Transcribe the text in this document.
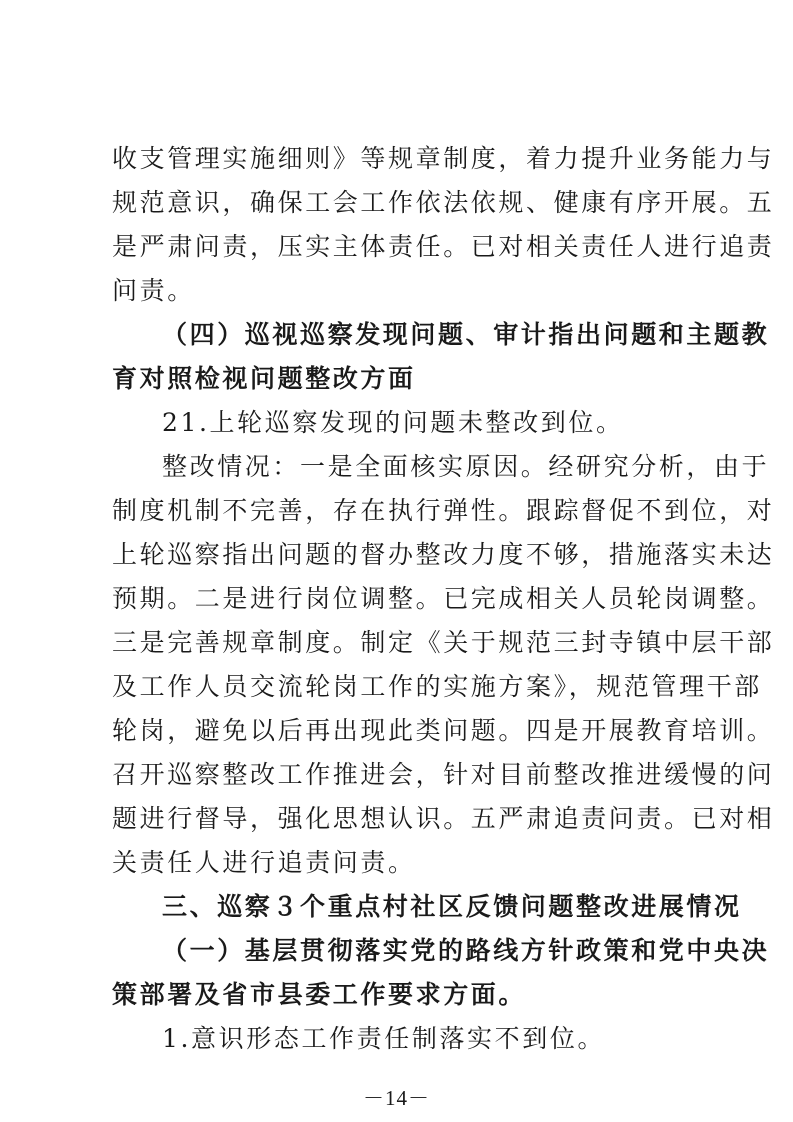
收支管理实施细则》等规章制度，着力提升业务能力与
规范意识，确保工会工作依法依规、健康有序开展。五
是严肃问责，压实主体责任。已对相关责任人进行追责
问责。
（四）巡视巡察发现问题、审计指出问题和主题教
育对照检视问题整改方面
21.上轮巡察发现的问题未整改到位。
整改情况：一是全面核实原因。经研究分析，由于
制度机制不完善，存在执行弹性。跟踪督促不到位，对
上轮巡察指出问题的督办整改力度不够，措施落实未达
预期。二是进行岗位调整。已完成相关人员轮岗调整。
三是完善规章制度。制定《关于规范三封寺镇中层干部
及工作人员交流轮岗工作的实施方案》，规范管理干部
轮岗，避免以后再出现此类问题。四是开展教育培训。
召开巡察整改工作推进会，针对目前整改推进缓慢的问
题进行督导，强化思想认识。五严肃追责问责。已对相
关责任人进行追责问责。
三、巡察３个重点村社区反馈问题整改进展情况
（一）基层贯彻落实党的路线方针政策和党中央决
策部署及省市县委工作要求方面。
1.意识形态工作责任制落实不到位。
－14－
